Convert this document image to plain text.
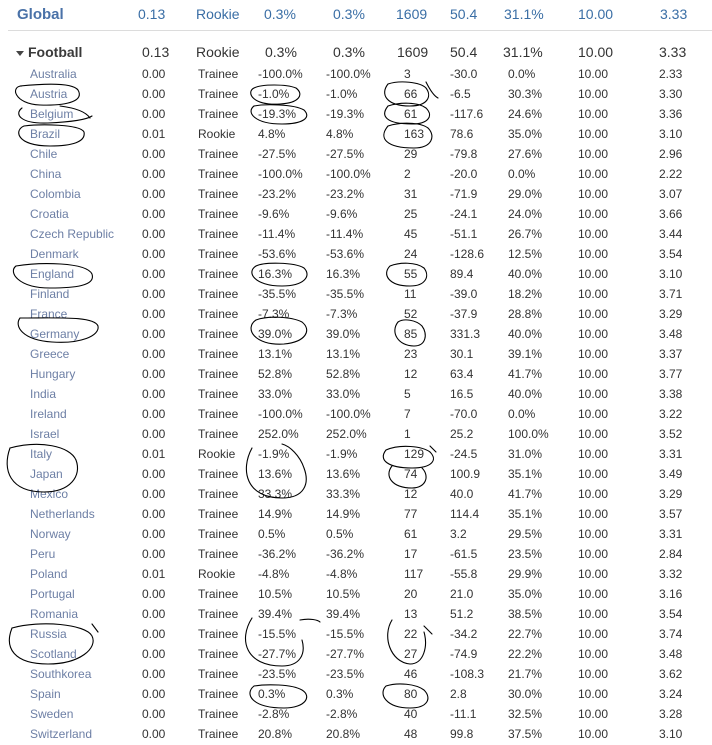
Global	0.13 Rookie 0.3%	0.3% 1609 50.4 31.1% 10.00	3.33
Football	0.13 Rookie 0.3%	0.3% 1609 50.4 31.1%	10.00	3.33
Australia	0.00	Trainee -100.0% -100.0%	3	-30.0	0.0%	10.00	2.33
Austria	0.00	Trainee -1.0%	-1.0%	66	-6.5	30.3%	10.00	3.30
Belgium	0.00	Trainee -19.3% -19.3%	61	-117.6 24.6%	10.00	3.36
Brazil	0.01	Rookie 4.8%	4.8%	163 78.6	35.0%	10.00	3.10
Chile	0.00	Trainee -27.5% -27.5%	29	-79.8	27.6%	10.00	2.96
China	0.00	Trainee -100.0% -100.0%	2	-20.0	0.0%	10.00	2.22
Colombia	0.00	Trainee -23.2% -23.2%	31	-71.9	29.0%	10.00	3.07
Croatia	0.00	Trainee -9.6%	-9.6%	25	-24.1	24.0%	10.00	3.66
Czech Republic 0.00	Trainee -11.4%	-11.4%	45	-51.1	26.7%	10.00	3.44
Denmark	0.00	Trainee -53.6% -53.6%	24	-128.6 12.5%	10.00	3.54
England	0.00	Trainee 16.3%	16.3%	55	89.4	40.0%	10.00	3.10
Finland	0.00	Trainee -35.5% -35.5%	11	-39.0	18.2%	10.00	3.71
France	0.00	Trainee -7.3%	-7.3%	52	-37.9	28.8%	10.00	3.29
Germany	0.00	Trainee 39.0%	39.0%	85	331.3 40.0%	10.00	3.48
Greece	0.00	Trainee 13.1%	13.1%	23	30.1	39.1%	10.00	3.37
Hungary	0.00	Trainee 52.8%	52.8%	12	63.4	41.7%	10.00	3.77
India	0.00	Trainee 33.0%	33.0%	5	16.5	40.0%	10.00	3.38
Ireland	0.00	Trainee -100.0% -100.0%	7	-70.0	0.0%	10.00	3.22
Israel	0.00	Trainee 252.0% 252.0%	1	25.2	100.0% 10.00	3.52
Italy	0.01	Rookie -1.9%	-1.9%	129 -24.5	31.0%	10.00	3.31
Japan	0.00	Trainee 13.6%	13.6%	74	100.9 35.1%	10.00	3.49
Mexico	0.00	Trainee 33.3%	33.3%	12	40.0	41.7%	10.00	3.29
Netherlands	0.00	Trainee 14.9%	14.9%	77	114.4 35.1%	10.00	3.57
Norway	0.00	Trainee 0.5%	0.5%	61	3.2	29.5%	10.00	3.31
Peru	0.00	Trainee -36.2% -36.2%	17	-61.5	23.5%	10.00	2.84
Poland	0.01	Rookie -4.8%	-4.8%	117 -55.8	29.9%	10.00	3.32
Portugal	0.00	Trainee 10.5%	10.5%	20	21.0	35.0%	10.00	3.16
Romania	0.00	Trainee 39.4%	39.4%	13	51.2	38.5%	10.00	3.54
Russia	0.00	Trainee -15.5% -15.5%	22	-34.2	22.7%	10.00	3.74
Scotland	0.00	Trainee -27.7% -27.7%	27	-74.9	22.2%	10.00	3.48
Southkorea	0.00	Trainee -23.5% -23.5%	46	-108.3 21.7%	10.00	3.62
Spain	0.00	Trainee 0.3%	0.3%	80	2.8	30.0%	10.00	3.24
Sweden	0.00	Trainee -2.8%	-2.8%	40	-11.1	32.5%	10.00	3.28
Switzerland	0.00	Trainee 20.8%	20.8%	48	99.8	37.5%	10.00	3.10
